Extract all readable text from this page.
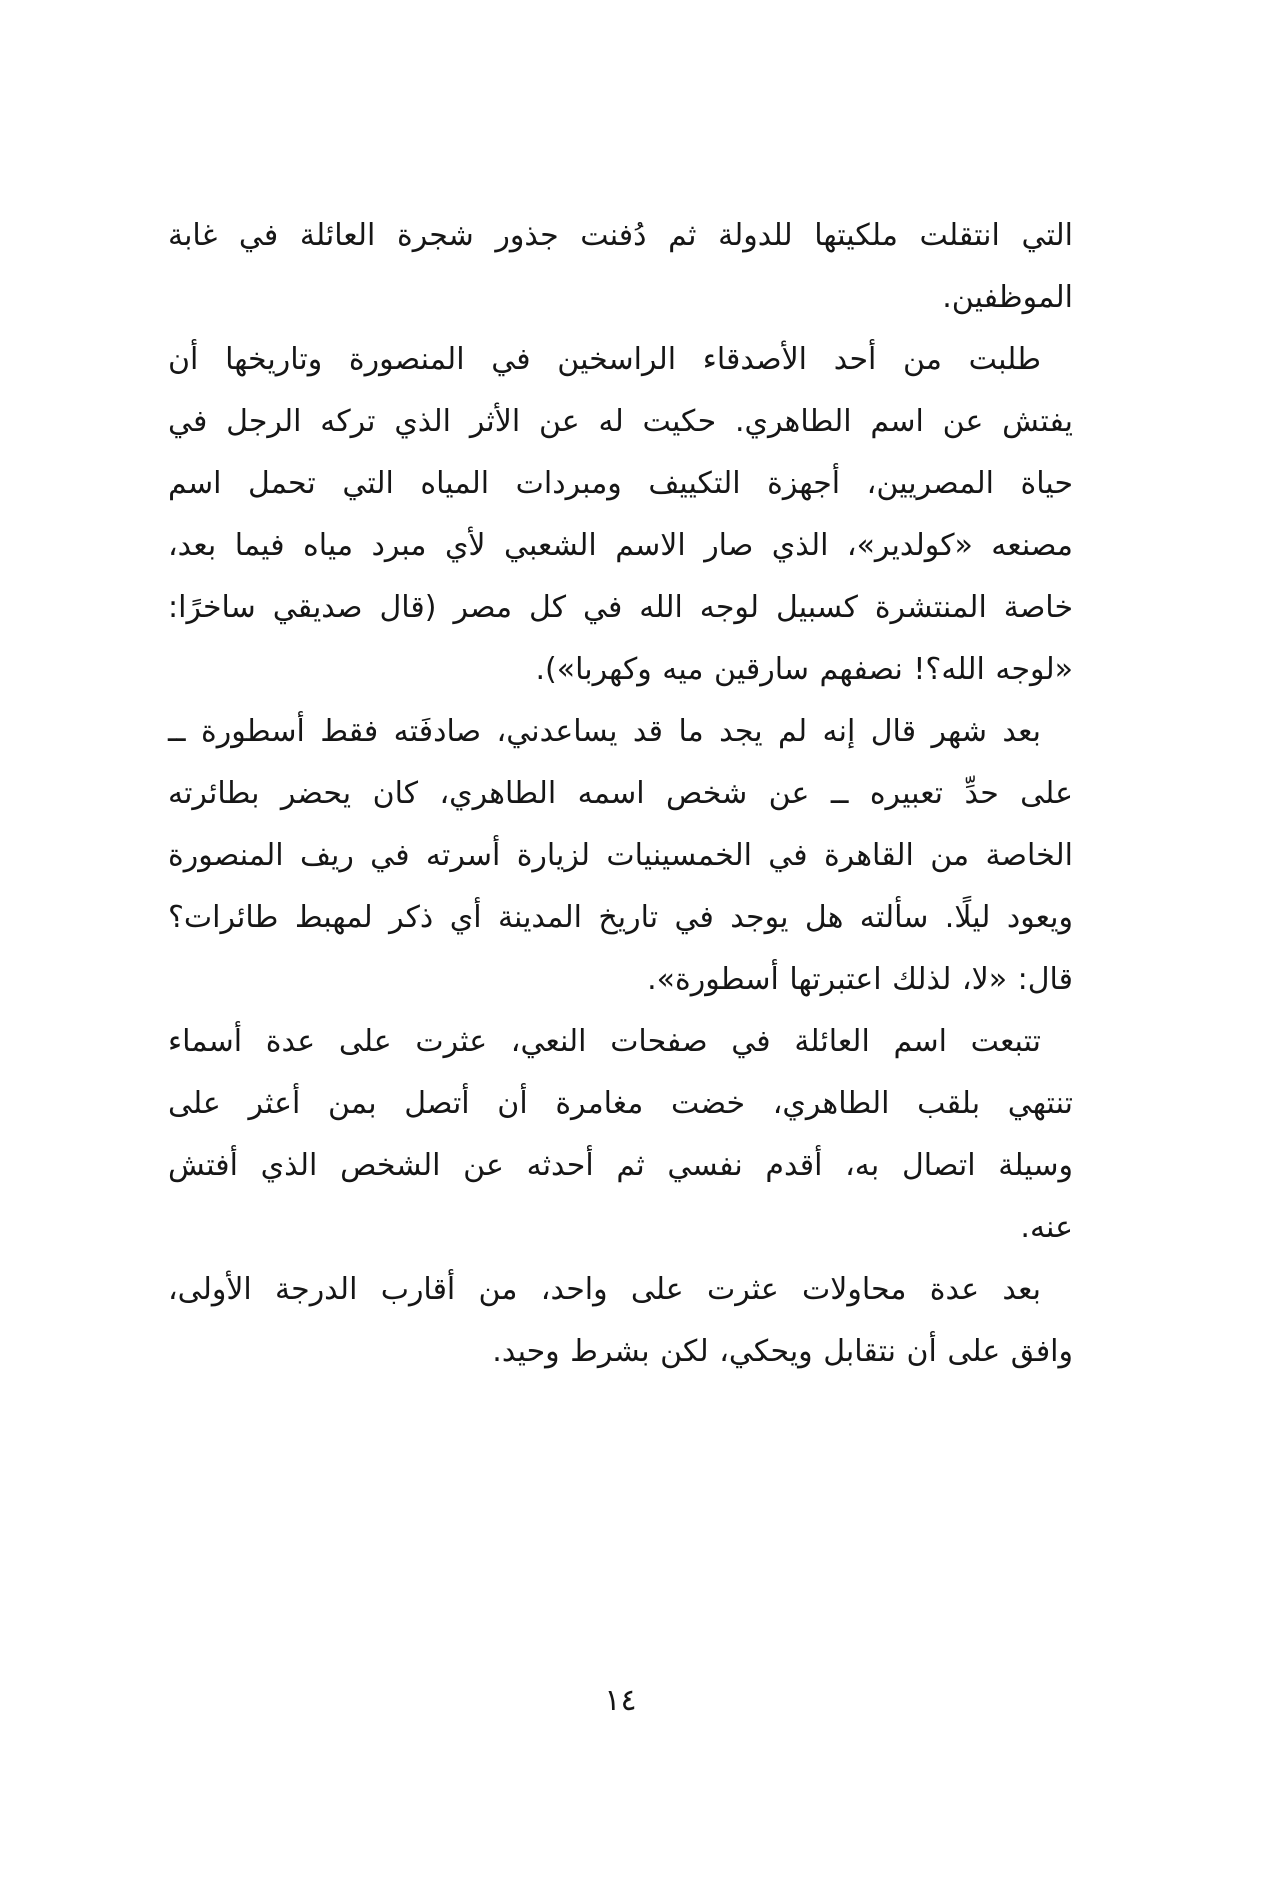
التي انتقلت ملكيتها للدولة ثم دُفنت جذور شجرة العائلة في غابة
الموظفين.
طلبت من أحد الأصدقاء الراسخين في المنصورة وتاريخها أن
يفتش عن اسم الطاهري. حكيت له عن الأثر الذي تركه الرجل في
حياة المصريين، أجهزة التكييف ومبردات المياه التي تحمل اسم
مصنعه «كولدير»، الذي صار الاسم الشعبي لأي مبرد مياه فيما بعد،
خاصة المنتشرة كسبيل لوجه الله في كل مصر (قال صديقي ساخرًا:
«لوجه الله؟! نصفهم سارقين ميه وكهربا»).
بعد شهر قال إنه لم يجد ما قد يساعدني، صادفَته فقط أسطورة ــ
على حدِّ تعبيره ــ عن شخص اسمه الطاهري، كان يحضر بطائرته
الخاصة من القاهرة في الخمسينيات لزيارة أسرته في ريف المنصورة
ويعود ليلًا. سألته هل يوجد في تاريخ المدينة أي ذكر لمهبط طائرات؟
قال: «لا، لذلك اعتبرتها أسطورة».
تتبعت اسم العائلة في صفحات النعي، عثرت على عدة أسماء
تنتهي بلقب الطاهري، خضت مغامرة أن أتصل بمن أعثر على
وسيلة اتصال به، أقدم نفسي ثم أحدثه عن الشخص الذي أفتش
عنه.
بعد عدة محاولات عثرت على واحد، من أقارب الدرجة الأولى،
وافق على أن نتقابل ويحكي، لكن بشرط وحيد.
١٤
